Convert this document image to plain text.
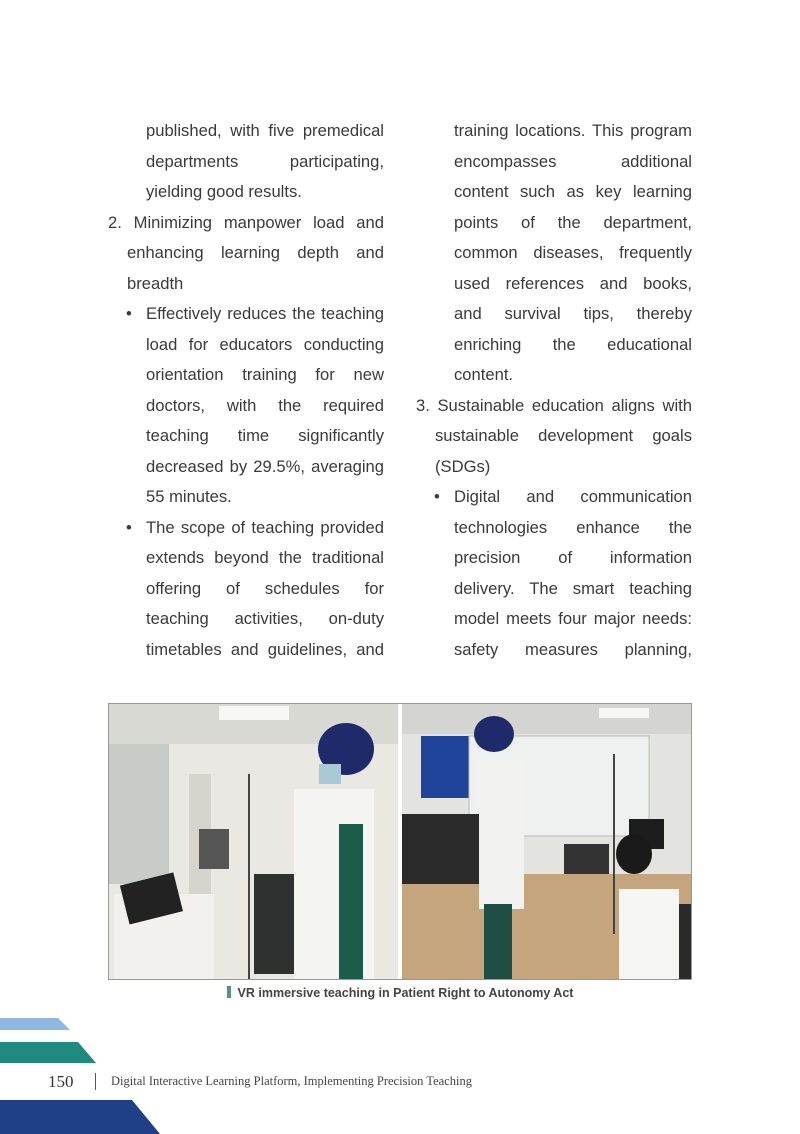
published, with five premedical
departments participating,
yielding good results.
2. Minimizing manpower load and
enhancing learning depth and
breadth
• Effectively reduces the teaching
load for educators conducting
orientation training for new
doctors, with the required
teaching time significantly
decreased by 29.5%, averaging
55 minutes.
• The scope of teaching provided
extends beyond the traditional
offering of schedules for
teaching activities, on-duty
timetables and guidelines, and
training locations. This program
encompasses additional
content such as key learning
points of the department,
common diseases, frequently
used references and books,
and survival tips, thereby
enriching the educational
content.
3. Sustainable education aligns with
sustainable development goals
(SDGs)
• Digital and communication
technologies enhance the
precision of information
delivery. The smart teaching
model meets four major needs:
safety measures planning,
VR immersive teaching in Patient Right to Autonomy Act
150	Digital Interactive Learning Platform, Implementing Precision Teaching
